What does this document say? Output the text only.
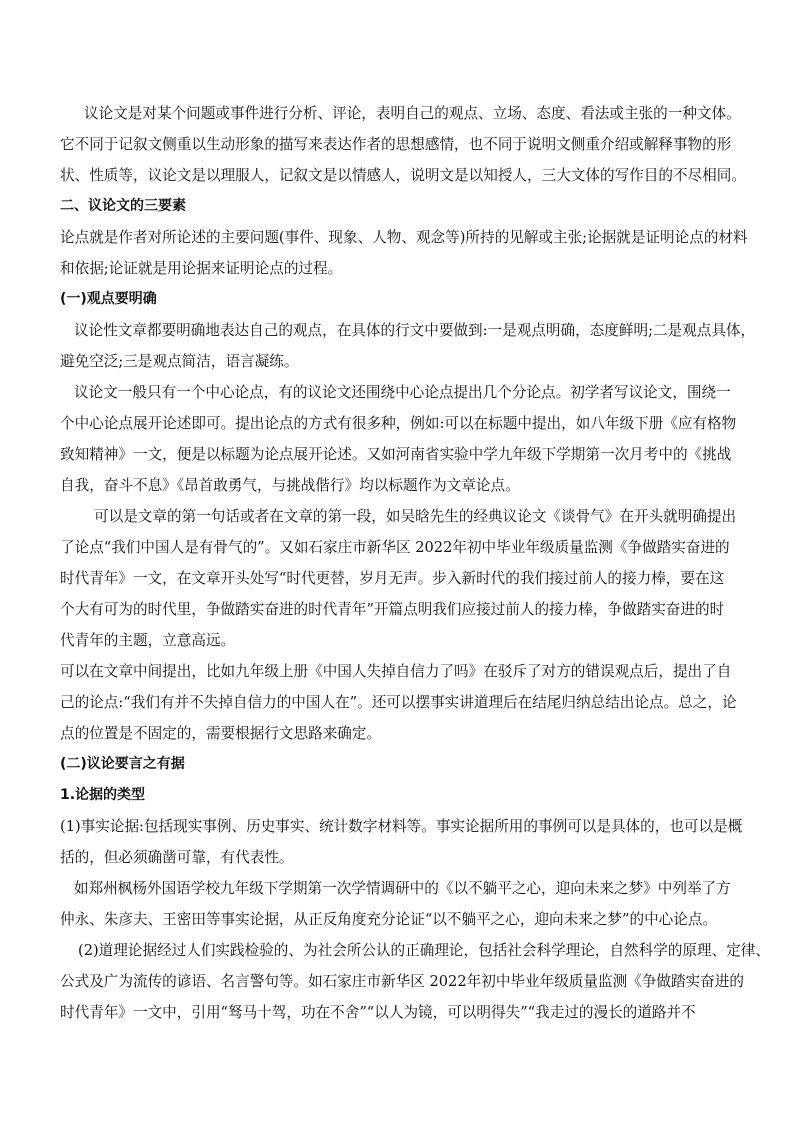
议论文是对某个问题或事件进行分析、评论，表明自己的观点、立场、态度、看法或主张的一种文体。

它不同于记叙文侧重以生动形象的描写来表达作者的思想感情，也不同于说明文侧重介绍或解释事物的形

状、性质等，议论文是以理服人，记叙文是以情感人，说明文是以知授人，三大文体的写作目的不尽相同。

二、议论文的三要素

论点就是作者对所论述的主要问题(事件、现象、人物、观念等)所持的见解或主张;论据就是证明论点的材料

和依据;论证就是用论据来证明论点的过程。

(一)观点要明确

议论性文章都要明确地表达自己的观点，在具体的行文中要做到:一是观点明确，态度鲜明;二是观点具体，

避免空泛;三是观点简洁，语言凝练。

议论文一般只有一个中心论点，有的议论文还围绕中心论点提出几个分论点。初学者写议论文，围绕一

个中心论点展开论述即可。提出论点的方式有很多种，例如:可以在标题中提出，如八年级下册《应有格物

致知精神》一文，便是以标题为论点展开论述。又如河南省实验中学九年级下学期第一次月考中的《挑战

自我，奋斗不息》《昂首敢勇气，与挑战偕行》均以标题作为文章论点。

可以是文章的第一句话或者在文章的第一段，如吴晗先生的经典议论文《谈骨气》在开头就明确提出

了论点“我们中国人是有骨气的”。又如石家庄市新华区 2022年初中毕业年级质量监测《争做踏实奋进的

时代青年》一文，在文章开头处写“时代更替，岁月无声。步入新时代的我们接过前人的接力棒，要在这

个大有可为的时代里，争做踏实奋进的时代青年”开篇点明我们应接过前人的接力棒，争做踏实奋进的时

代青年的主题，立意高远。

可以在文章中间提出，比如九年级上册《中国人失掉自信力了吗》在驳斥了对方的错误观点后，提出了自

己的论点:“我们有并不失掉自信力的中国人在”。还可以摆事实讲道理后在结尾归纳总结出论点。总之，论

点的位置是不固定的，需要根据行文思路来确定。

(二)议论要言之有据

1.论据的类型

(1)事实论据:包括现实事例、历史事实、统计数字材料等。事实论据所用的事例可以是具体的，也可以是概

括的，但必须确凿可靠，有代表性。

如郑州枫杨外国语学校九年级下学期第一次学情调研中的《以不躺平之心，迎向未来之梦》中列举了方

仲永、朱彦夫、王密田等事实论据，从正反角度充分论证“以不躺平之心，迎向未来之梦”的中心论点。

(2)道理论据经过人们实践检验的、为社会所公认的正确理论，包括社会科学理论，自然科学的原理、定律、

公式及广为流传的谚语、名言警句等。如石家庄市新华区 2022年初中毕业年级质量监测《争做踏实奋进的

时代青年》一文中，引用“驽马十驾，功在不舍”“以人为镜，可以明得失”“我走过的漫长的道路并不
